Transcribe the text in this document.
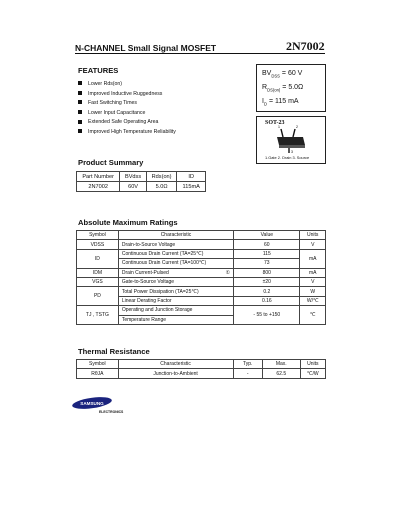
N-CHANNEL Small Signal MOSFET	2N7002
FEATURES
Lower Rds(on)
Improved Inductive Ruggedness
Fast Switching Times
Lower Input Capacitance
Extended Safe Operating Area
Improved High Temperature Reliability
$BV_{DSS} = 60$ V
$R_{DS(on)} = 5.0\Omega$
$I_D = 115$ mA
SOT-23
1	2
3
1.Gate 2. Drain 3. Source
Product Summary
Part Number	BVdss	Rds(on)	ID
2N7002	60V	5.0Ω	115mA
Absolute Maximum Ratings
Symbol	Characteristic	Value	Units
VDSS	Drain-to-Source Voltage	60	V
ID	Continuous Drain Current (TA=25℃)	115	mA
	Continuous Drain Current (TA=100℃)	73	
IDM	Drain Current-Pulsed ①	800	mA
VGS	Gate-to-Source Voltage	±20	V
PD	Total Power Dissipation (TA=25℃)	0.2	W
	Linear Derating Factor	0.16	W/℃
TJ , TSTG	Operating and Junction Storage	- 55 to +150	℃
	Temperature Range		
Thermal Resistance
Symbol	Characteristic	Typ.	Max.	Units
RθJA	Junction-to-Ambient	-	62.5	℃/W
SAMSUNG
ELECTRONICS
